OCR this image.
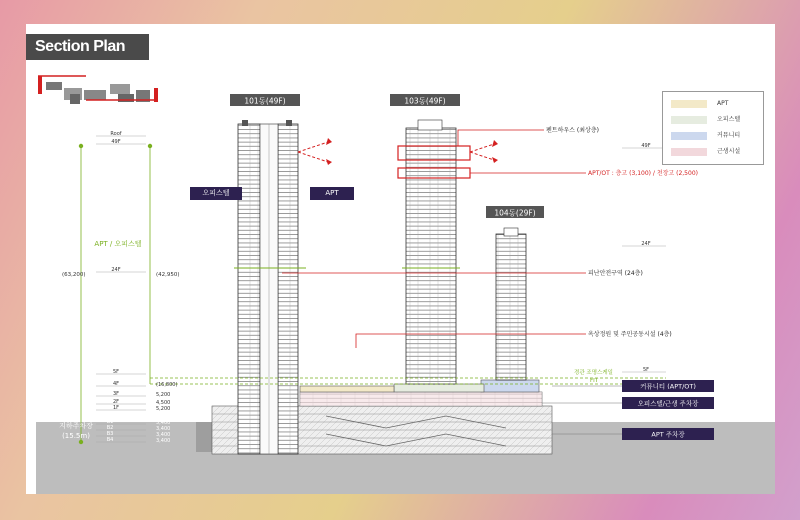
101동(49F)	103동(49F)
104동(29F)
커뮤니티 (APT/OT)
오피스텔/근생 주차장
APT 주차장
펜트하우스 (최상층)
APT/OT : 층고 (3,100) / 천장고 (2,500)
피난안전구역 (24층)
옥상정원 및 주민공동시설 (4층)
경관 조명스케일
FIT
APT / 오피스텔
(63,200)	(42,950)
Roof
49F
24F
5F
4F
3F
2F
1F
B1
B2
B3
B4
(16,800)
5,200
4,500
5,200
5,400
3,400
3,400
3,400
지하주차장
(15.5m)
49F
24F
5F
Section Plan
오피스텔	APT
APT
오피스텔
커뮤니티
근생시설
